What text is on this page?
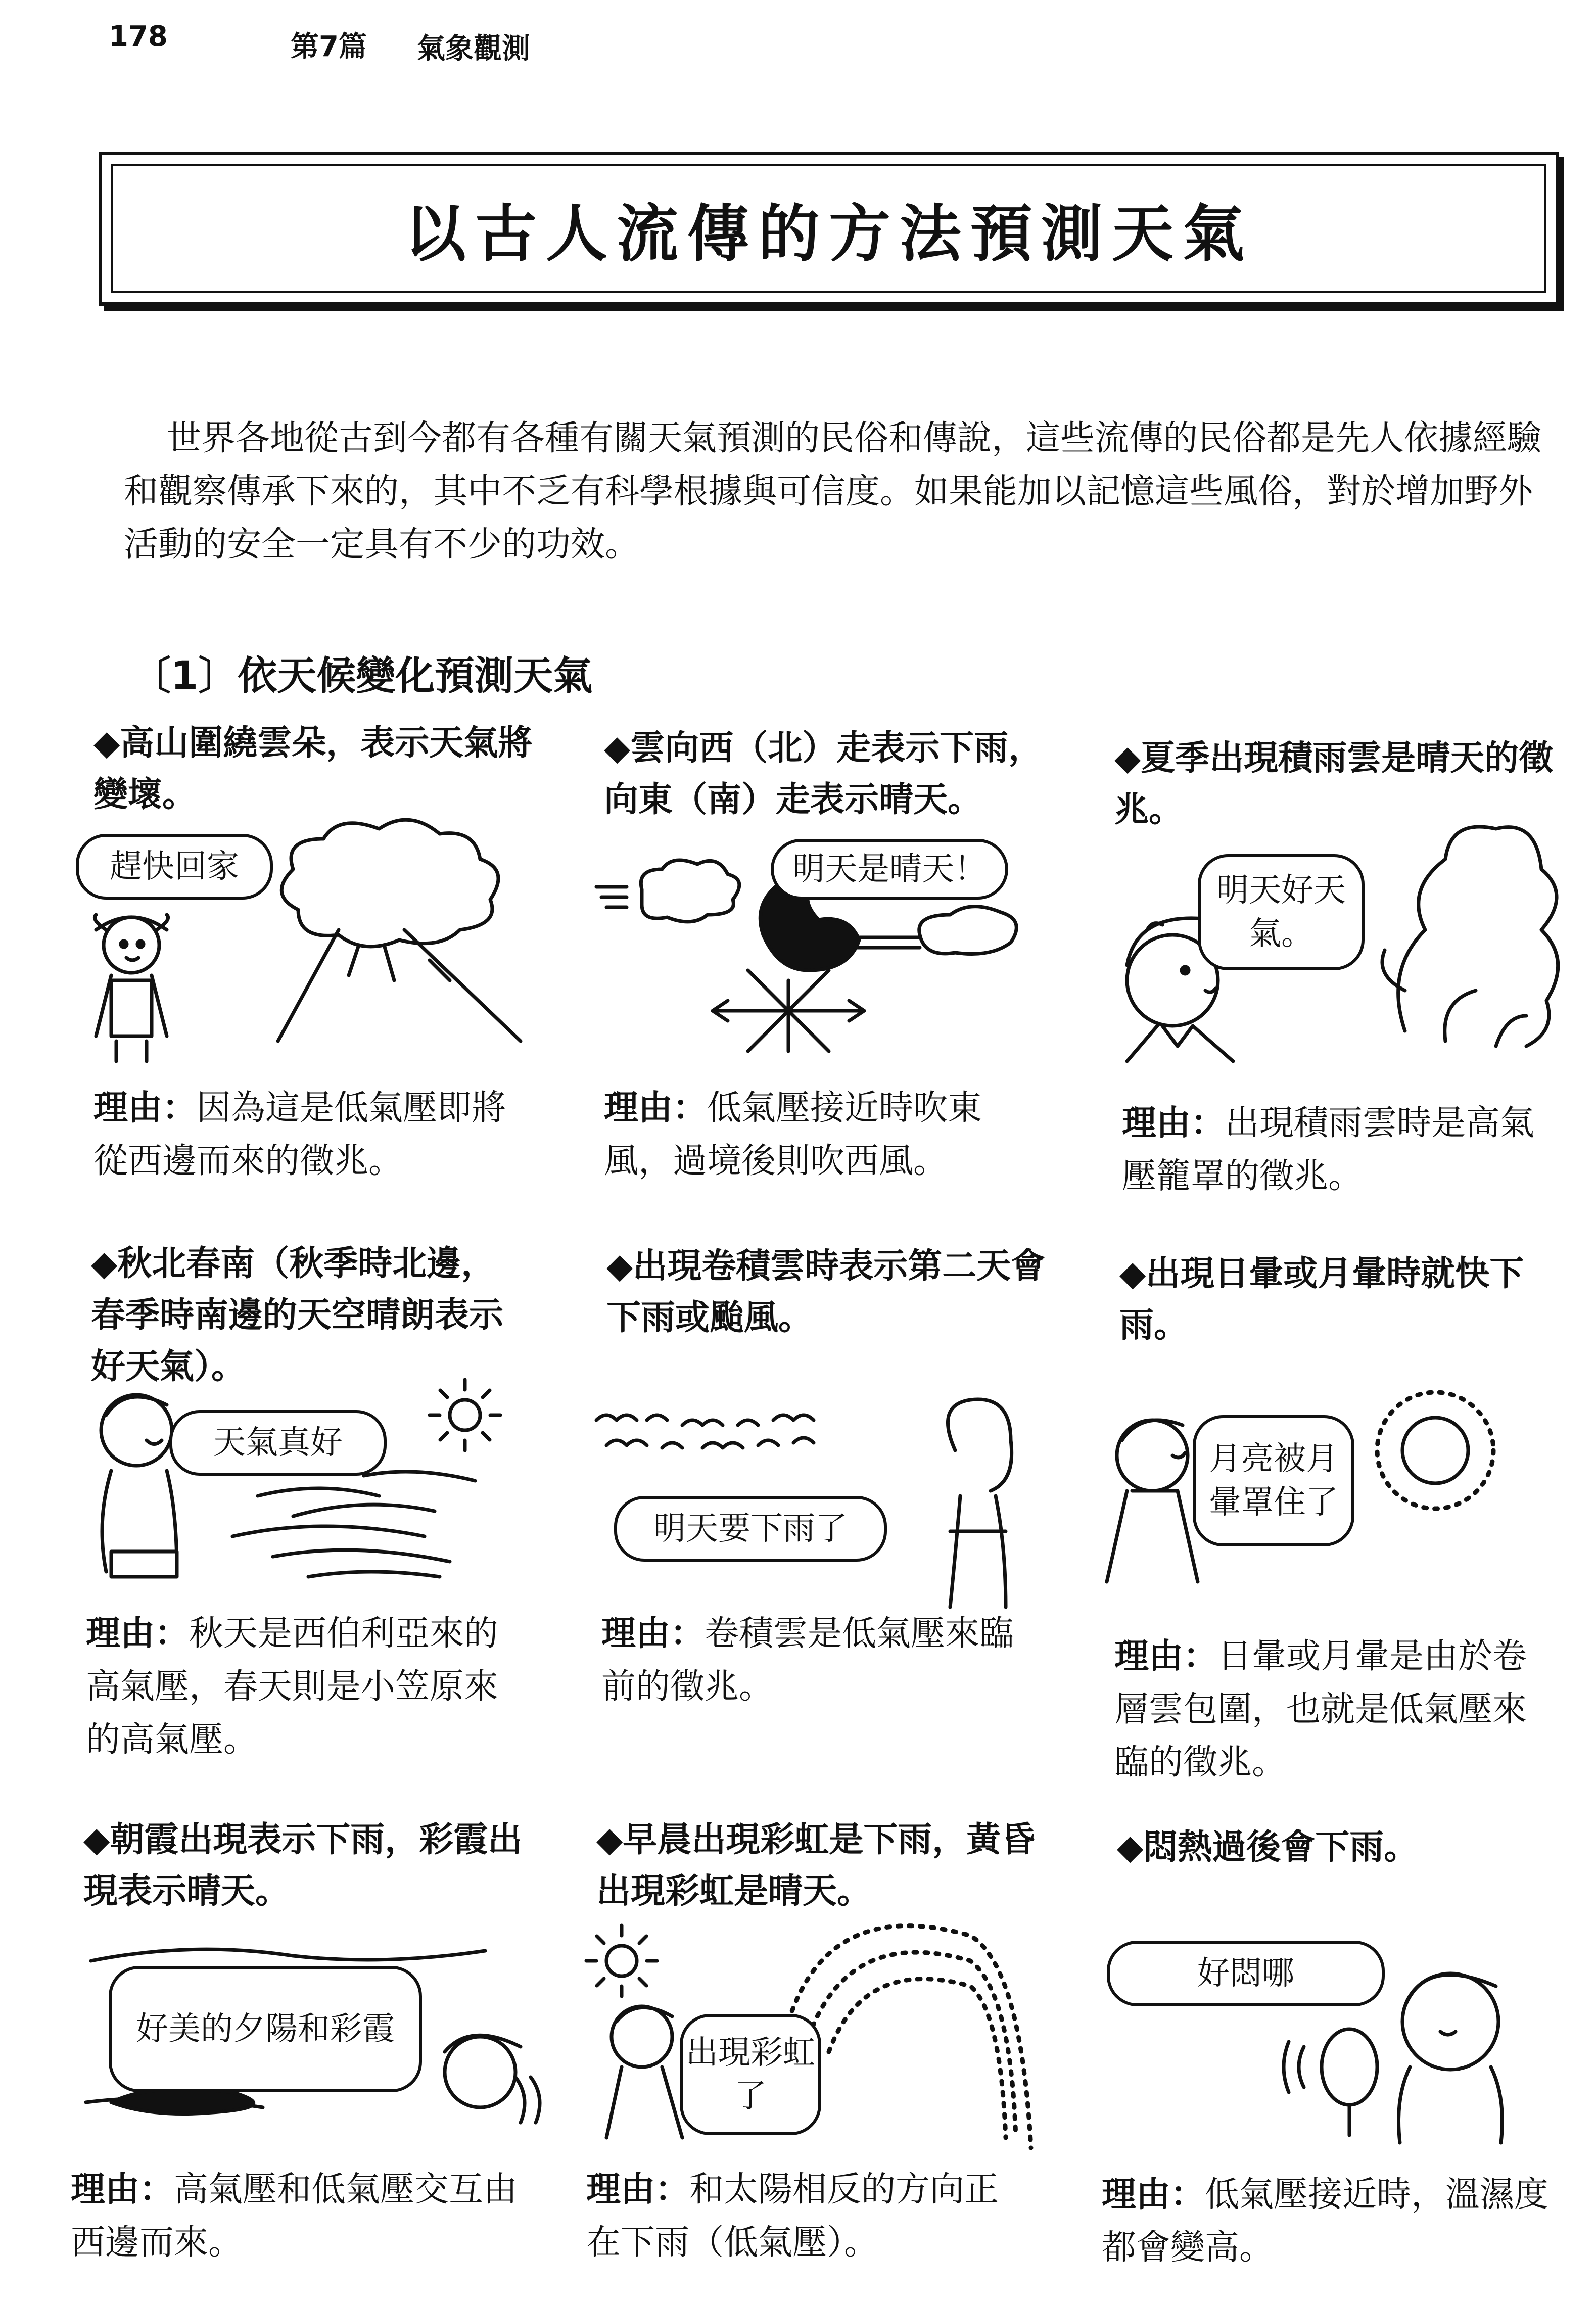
178	第7篇 氣象觀測
以古人流傳的方法預測天氣
世界各地從古到今都有各種有關天氣預測的民俗和傳說，這些流傳的民俗都是先人依據經驗和觀察傳承下來的，其中不乏有科學根據與可信度。如果能加以記憶這些風俗，對於增加野外活動的安全一定具有不少的功效。
〔1〕依天候變化預測天氣
◆高山圍繞雲朵，表示天氣將變壞。
趕快回家
理由：因為這是低氣壓即將從西邊而來的徵兆。
◆雲向西（北）走表示下雨，向東（南）走表示晴天。
明天是晴天！
理由：低氣壓接近時吹東風，過境後則吹西風。
◆夏季出現積雨雲是晴天的徵兆。
明天好天氣。
理由：出現積雨雲時是高氣壓籠罩的徵兆。
◆秋北春南（秋季時北邊，春季時南邊的天空晴朗表示好天氣）。
天氣真好
理由：秋天是西伯利亞來的高氣壓，春天則是小笠原來的高氣壓。
◆出現卷積雲時表示第二天會下雨或颱風。
明天要下雨了
理由：卷積雲是低氣壓來臨前的徵兆。
◆出現日暈或月暈時就快下雨。
月亮被月暈罩住了
理由：日暈或月暈是由於卷層雲包圍，也就是低氣壓來臨的徵兆。
◆朝霞出現表示下雨，彩霞出現表示晴天。
好美的夕陽和彩霞
理由：高氣壓和低氣壓交互由西邊而來。
◆早晨出現彩虹是下雨，黃昏出現彩虹是晴天。
出現彩虹了
理由：和太陽相反的方向正在下雨（低氣壓）。
◆悶熱過後會下雨。
好悶哪
理由：低氣壓接近時，溫濕度都會變高。
